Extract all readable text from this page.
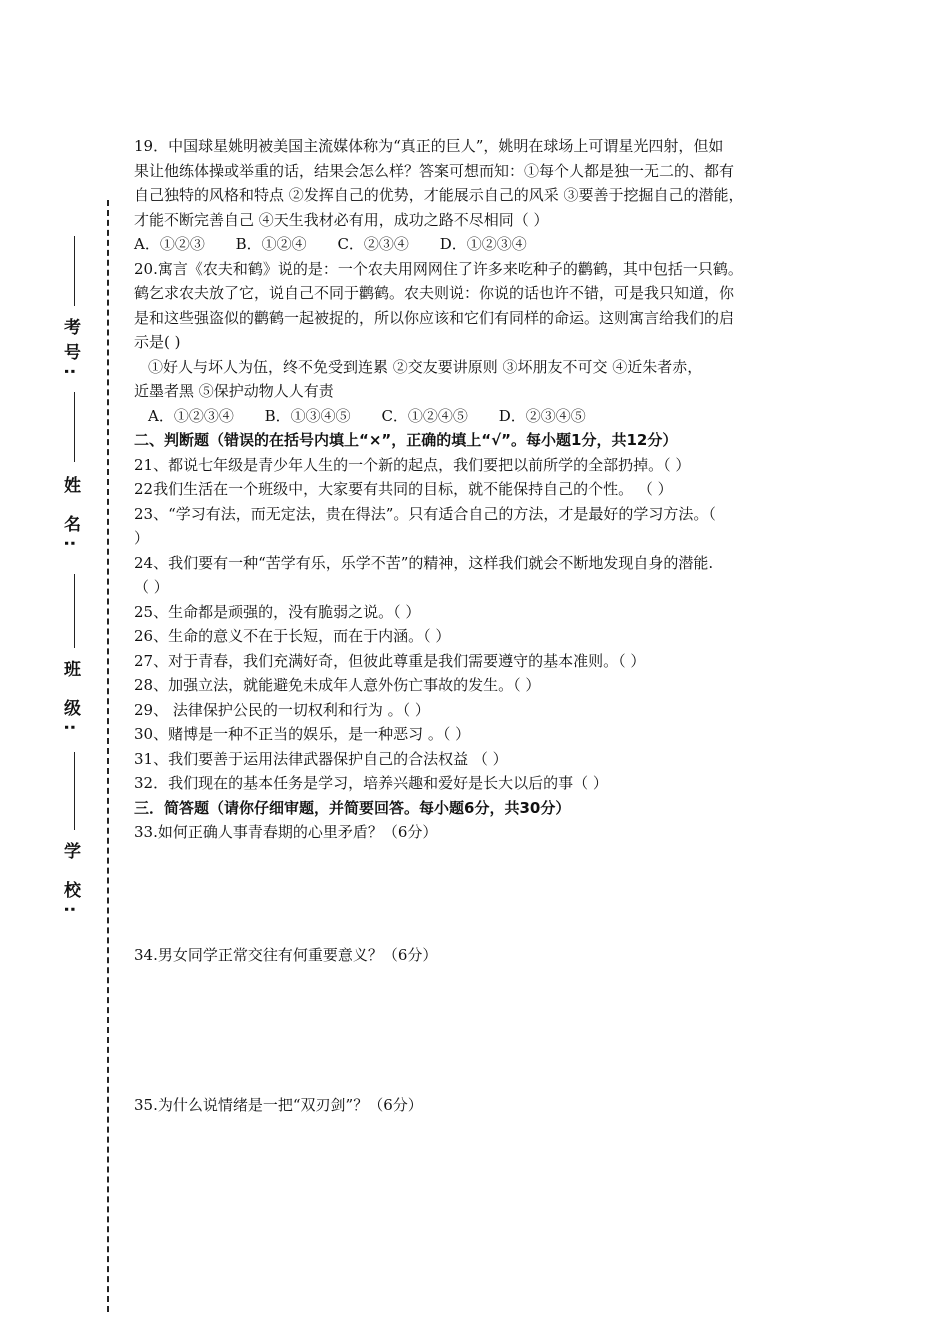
考号:
姓 名:
班 级:
学 校:
19．中国球星姚明被美国主流媒体称为“真正的巨人”，姚明在球场上可谓星光四射，但如
果让他练体操或举重的话，结果会怎么样？答案可想而知：①每个人都是独一无二的、都有
自己独特的风格和特点 ②发挥自己的优势，才能展示自己的风采 ③要善于挖掘自己的潜能，
才能不断完善自己 ④天生我材必有用，成功之路不尽相同（ ）
A．①②③ B．①②④ C．②③④ D．①②③④
20.寓言《农夫和鹤》说的是：一个农夫用网网住了许多来吃种子的鹳鹤，其中包括一只鹤。
鹤乞求农夫放了它，说自己不同于鹳鹤。农夫则说：你说的话也许不错，可是我只知道，你
是和这些强盗似的鹳鹤一起被捉的，所以你应该和它们有同样的命运。这则寓言给我们的启
示是( )
①好人与坏人为伍，终不免受到连累 ②交友要讲原则 ③坏朋友不可交 ④近朱者赤，
近墨者黑 ⑤保护动物人人有责
A．①②③④ B．①③④⑤ C．①②④⑤ D．②③④⑤
二、判断题（错误的在括号内填上“×”，正确的填上“√”。每小题1分，共12分）
21、都说七年级是青少年人生的一个新的起点，我们要把以前所学的全部扔掉。（ ）
22我们生活在一个班级中，大家要有共同的目标，就不能保持自己的个性。 （ ）
23、“学习有法，而无定法，贵在得法”。只有适合自己的方法，才是最好的学习方法。（
）
24、我们要有一种“苦学有乐，乐学不苦”的精神，这样我们就会不断地发现自身的潜能.
（ ）
25、生命都是顽强的，没有脆弱之说。（ ）
26、生命的意义不在于长短，而在于内涵。（ ）
27、对于青春，我们充满好奇，但彼此尊重是我们需要遵守的基本准则。（ ）
28、加强立法，就能避免未成年人意外伤亡事故的发生。（ ）
29、 法律保护公民的一切权利和行为 。（ ）
30、赌博是一种不正当的娱乐，是一种恶习 。（ ）
31、我们要善于运用法律武器保护自己的合法权益 （ ）
32．我们现在的基本任务是学习，培养兴趣和爱好是长大以后的事（ ）
三．简答题（请你仔细审题，并简要回答。每小题6分，共30分）
33.如何正确人事青春期的心里矛盾？（6分）
34.男女同学正常交往有何重要意义？（6分）
35.为什么说情绪是一把“双刃剑”？（6分）
